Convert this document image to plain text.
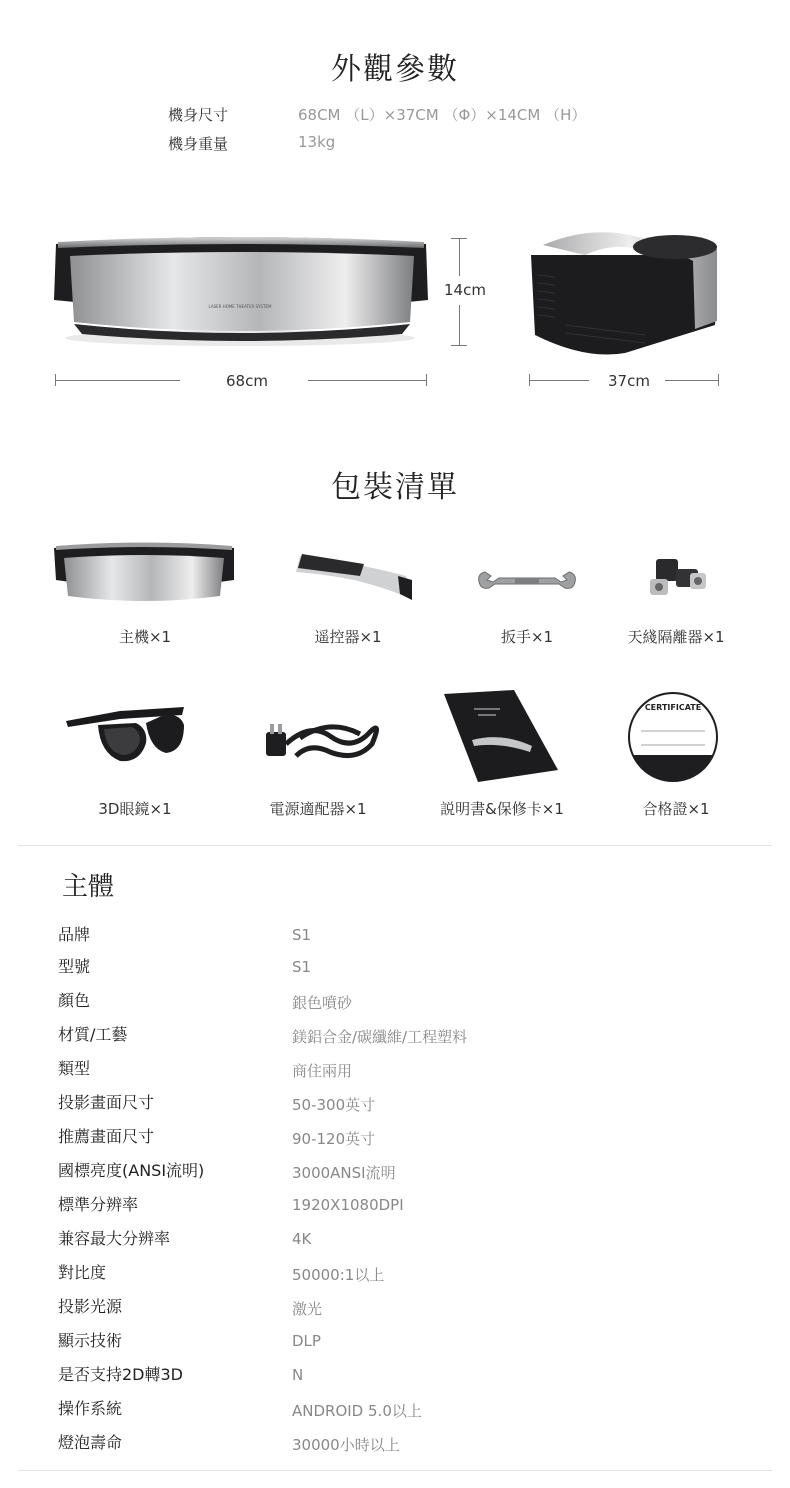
外觀參數
機身尺寸	68CM （L）×37CM （Φ）×14CM （H）
機身重量	13kg
LASER HOME THEATER SYSTEM
14cm
68cm	37cm
包裝清單
主機×1	遥控器×1	扳手×1	天綫隔離器×1
3D眼鏡×1	電源適配器×1	説明書&保修卡×1
CERTIFICATE
合格證×1
主體
品牌	S1
型號	S1
顏色	銀色噴砂
材質/工藝	鎂鋁合金/碳纖維/工程塑料
類型	商住兩用
投影畫面尺寸	50-300英寸
推薦畫面尺寸	90-120英寸
國標亮度(ANSI流明)	3000ANSI流明
標準分辨率	1920X1080DPI
兼容最大分辨率	4K
對比度	50000:1以上
投影光源	激光
顯示技術	DLP
是否支持2D轉3D	N
操作系統	ANDROID 5.0以上
燈泡壽命	30000小時以上
